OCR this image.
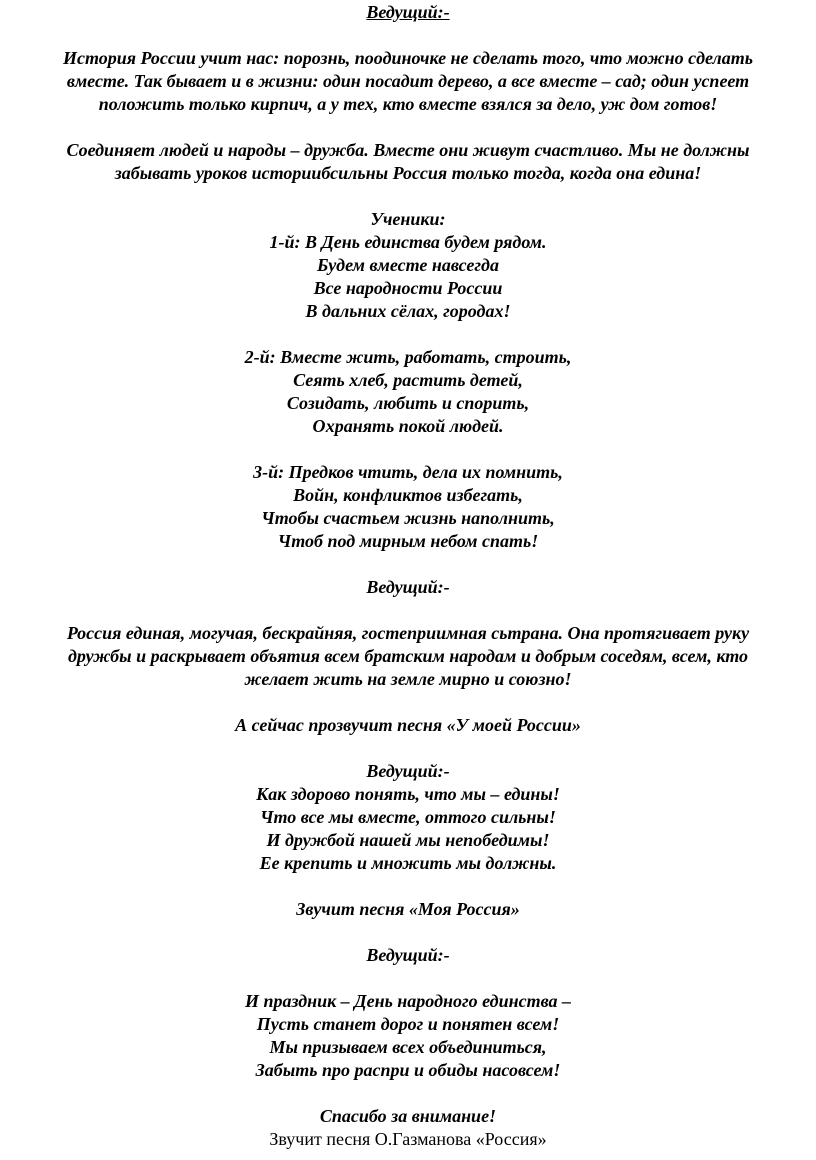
Ведущий:-

История России учит нас: порознь, поодиночке не сделать того, что можно сделать
вместе. Так бывает и в жизни: один посадит дерево, а все вместе – сад; один успеет
положить только кирпич, а у тех, кто вместе взялся за дело, уж дом готов!

Соединяет людей и народы – дружба. Вместе они живут счастливо. Мы не должны
забывать уроков историибсильны Россия только тогда, когда она едина!

Ученики:

1-й: В День единства будем рядом.
Будем вместе навсегда
Все народности России
В дальних сёлах, городах!

2-й: Вместе жить, работать, строить,
Сеять хлеб, растить детей,
Созидать, любить и спорить,
Охранять покой людей.

3-й: Предков чтить, дела их помнить,
Войн, конфликтов избегать,
Чтобы счастьем жизнь наполнить,
Чтоб под мирным небом спать!

Ведущий:-

Россия единая, могучая, бескрайняя, гостеприимная сьтрана. Она протягивает руку
дружбы и раскрывает объятия всем братским народам и добрым соседям, всем, кто
желает жить на земле мирно и союзно!

А сейчас прозвучит песня «У моей России»

Ведущий:-

Как здорово понять, что мы – едины!
Что все мы вместе, оттого сильны!
И дружбой нашей мы непобедимы!
Ее крепить и множить мы должны.

Звучит песня «Моя Россия»

Ведущий:-

И праздник – День народного единства –
Пусть станет дорог и понятен всем!
Мы призываем всех объединиться,
Забыть про распри и обиды насовсем!

Спасибо за внимание!

Звучит песня О.Газманова «Россия»
